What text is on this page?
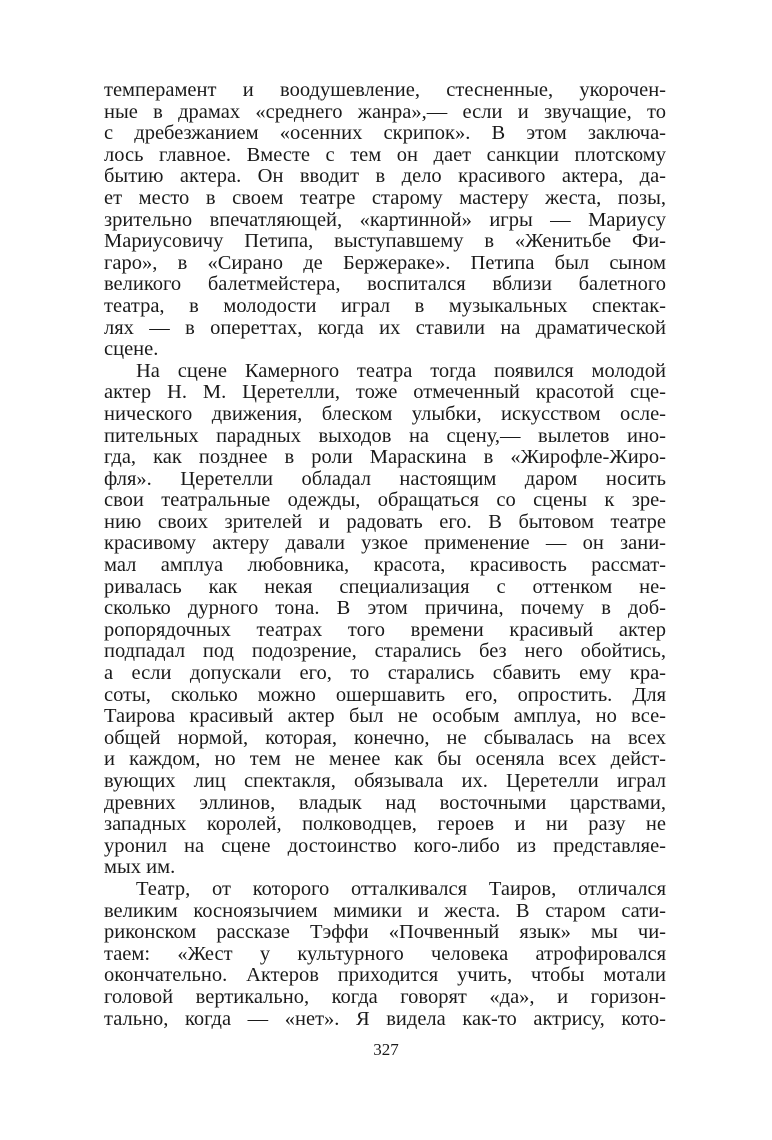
темперамент и воодушевление, стесненные, укорочен-
ные в драмах «среднего жанра»,— если и звучащие, то
с дребезжанием «осенних скрипок». В этом заключа-
лось главное. Вместе с тем он дает санкции плотскому
бытию актера. Он вводит в дело красивого актера, да-
ет место в своем театре старому мастеру жеста, позы,
зрительно впечатляющей, «картинной» игры — Мариусу
Мариусовичу Петипа, выступавшему в «Женитьбе Фи-
гаро», в «Сирано де Бержераке». Петипа был сыном
великого балетмейстера, воспитался вблизи балетного
театра, в молодости играл в музыкальных спектак-
лях — в опереттах, когда их ставили на драматической
сцене.
На сцене Камерного театра тогда появился молодой
актер Н. М. Церетелли, тоже отмеченный красотой сце-
нического движения, блеском улыбки, искусством осле-
пительных парадных выходов на сцену,— вылетов ино-
гда, как позднее в роли Мараскина в «Жирофле-Жиро-
фля». Церетелли обладал настоящим даром носить
свои театральные одежды, обращаться со сцены к зре-
нию своих зрителей и радовать его. В бытовом театре
красивому актеру давали узкое применение — он зани-
мал амплуа любовника, красота, красивость рассмат-
ривалась как некая специализация с оттенком не-
сколько дурного тона. В этом причина, почему в доб-
ропорядочных театрах того времени красивый актер
подпадал под подозрение, старались без него обойтись,
а если допускали его, то старались сбавить ему кра-
соты, сколько можно ошершавить его, опростить. Для
Таирова красивый актер был не особым амплуа, но все-
общей нормой, которая, конечно, не сбывалась на всех
и каждом, но тем не менее как бы осеняла всех дейст-
вующих лиц спектакля, обязывала их. Церетелли играл
древних эллинов, владык над восточными царствами,
западных королей, полководцев, героев и ни разу не
уронил на сцене достоинство кого-либо из представляе-
мых им.
Театр, от которого отталкивался Таиров, отличался
великим косноязычием мимики и жеста. В старом сати-
риконском рассказе Тэффи «Почвенный язык» мы чи-
таем: «Жест у культурного человека атрофировался
окончательно. Актеров приходится учить, чтобы мотали
головой вертикально, когда говорят «да», и горизон-
тально, когда — «нет». Я видела как-то актрису, кото-
327
